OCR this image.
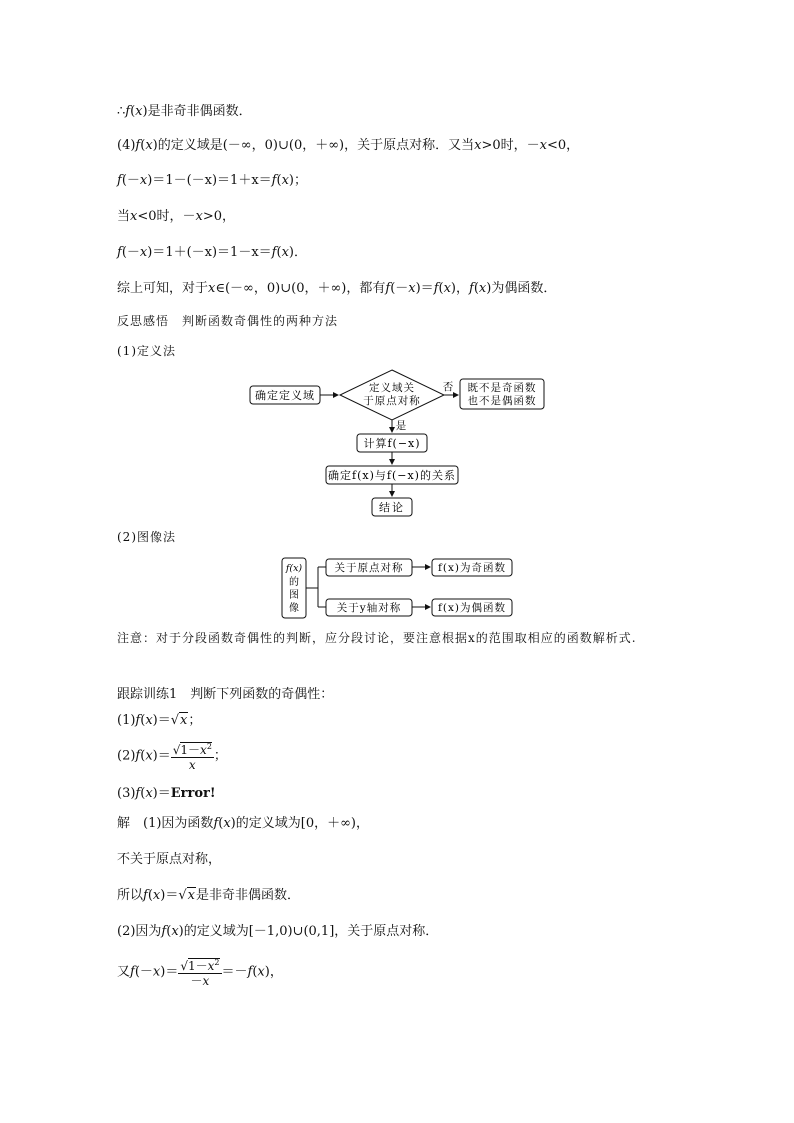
∴f(x)是非奇非偶函数．
(4)f(x)的定义域是(－∞，0)∪(0，＋∞)，关于原点对称．又当x>0时，－x<0，
f(－x)＝1－(－x)＝1＋x＝f(x)；
当x<0时，－x>0，
f(－x)＝1＋(－x)＝1－x＝f(x)．
综上可知，对于x∈(－∞，0)∪(0，＋∞)，都有f(－x)＝f(x)，f(x)为偶函数．
反思感悟　判断函数奇偶性的两种方法
(1)定义法
确定定义域
定义域关
于原点对称
否 既不是奇函数
也不是偶函数
是
计算f(−x)
确定f(x)与f(−x)的关系
结论
(2)图像法
f(x)
的
图
像
关于原点对称	f(x)为奇函数
关于y轴对称	f(x)为偶函数
注意：对于分段函数奇偶性的判断，应分段讨论，要注意根据x的范围取相应的函数解析式.
跟踪训练1　判断下列函数的奇偶性：
(1)f(x)＝√x；
$(2)f(x)= \frac{√1-x^2}{x}$ ；
(3)f(x)＝Error!
解　(1)因为函数f(x)的定义域为[0，＋∞)，
不关于原点对称，
所以f(x)＝√x是非奇非偶函数．
(2)因为f(x)的定义域为[－1,0)∪(0,1]，关于原点对称．
又$f(-x)= \frac{√1-x^2}{-x} =-f(x)$，
